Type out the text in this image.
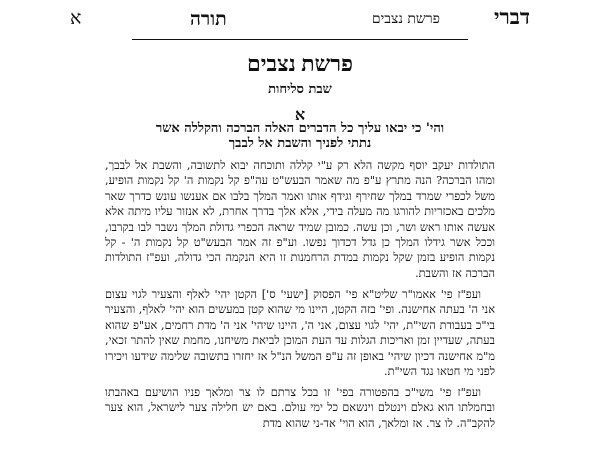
דברי
פרשת נצבים
תורה
א
פרשת נצבים
שבת סליחות
א
והי' כי יבאו עליך כל הדברים האלה הברכה והקללה אשר נתתי לפניך והשבת אל לבבך

התולדות יעקב יוסף מקשה הלא רק ע"י קללה ותוכחה יבוא לתשובה, והשבת אל לבבך, ומהו הברכה? הנה מתרץ ע"פ מה שאמר הבעש"ט עה"פ קל נקמות ה' קל נקמות הופיע, משל לכפרי שמרד במלך שחירף וגידף אותו ואמר המלך בלבו אם אענשו עונש כדרך שאר מלכים באכזריות להורגו מה מעלה בידי, אלא אלך בדרך אחרת, לא אנזור עליו מיתה אלא אעשה אותו ראש ושר, וכן עשה. כמובן שמיד שראה הכפרי גדולת המלך נשבר לבו בקרבו, וככל אשר גידלו המלך כן גדל דכדוך נפשו. וע"פ זה אמר הבעש"ט קל נקמות ה' - קל נקמות הופיע בזמן שקל נקמות במדת הרחמנות זו היא הנקמה הכי גדולה, ועפ"ז התולדות הברכה אז והשבת.

ועפ"ז פי' אאמו"ר שליט"א פי' הפסוק [ישעי' ס'] הקטן יהי' לאלף והצעיר לגוי עצום אני ה' בעתה אחישנה. ופי' בזה הקטן, היינו מי שהוא קטן במעשים הוא יהי' לאלף, והצעיר בי"כ בעבודת השי"ת, יהי' לגוי עצום, אני ה', היינו שיהי' אני ה' מדת רחמים, אע"פ שהוא בעתה, שעדיין זמן ואריכות הגלות עד העת המוכן לביאת משיחנו, מחמת שאין להתר זכאי, מ"מ אחישנה דכיון שיהי' באופן זה ע"פ המשל הנ"ל אז יחזרו בתשובה שלימה שידעו ויכירו לפני מי חטאו נגד השי"ת.

ועפ"ז פי' משי"כ בהפטורה בפי' זו בכל צרתם לו צר ומלאך פניו הושיעם באהבתו ובחמלתו הוא גאלם וינטלם וינשאם כל ימי עולם. באם יש חלילה צער לישראל, הוא צער להקב"ה. לו צר. אז ומלאך, הוא הוי' אד-ני שהוא מדת
